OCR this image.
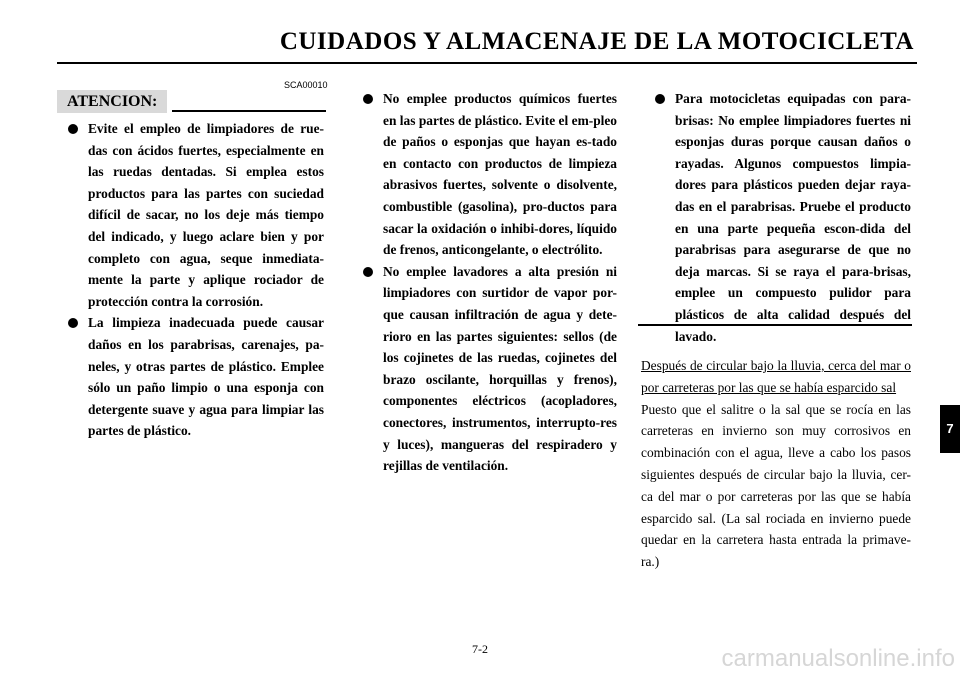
CUIDADOS Y ALMACENAJE DE LA MOTOCICLETA
SCA00010
ATENCION:
Evite el empleo de limpiadores de rue-das con ácidos fuertes, especialmente en las ruedas dentadas. Si emplea estos productos para las partes con suciedad difícil de sacar, no los deje más tiempo del indicado, y luego aclare bien y por completo con agua, seque inmediata-mente la parte y aplique rociador de protección contra la corrosión.
La limpieza inadecuada puede causar daños en los parabrisas, carenajes, pa-neles, y otras partes de plástico. Emplee sólo un paño limpio o una esponja con detergente suave y agua para limpiar las partes de plástico.
No emplee productos químicos fuertes en las partes de plástico. Evite el em-pleo de paños o esponjas que hayan es-tado en contacto con productos de limpieza abrasivos fuertes, solvente o disolvente, combustible (gasolina), pro-ductos para sacar la oxidación o inhibi-dores, líquido de frenos, anticongelante, o electrólito.
No emplee lavadores a alta presión ni limpiadores con surtidor de vapor por-que causan infiltración de agua y dete-rioro en las partes siguientes: sellos (de los cojinetes de las ruedas, cojinetes del brazo oscilante, horquillas y frenos), componentes eléctricos (acopladores, conectores, instrumentos, interrupto-res y luces), mangueras del respiradero y rejillas de ventilación.
Para motocicletas equipadas con para-brisas: No emplee limpiadores fuertes ni esponjas duras porque causan daños o rayadas. Algunos compuestos limpia-dores para plásticos pueden dejar raya-das en el parabrisas. Pruebe el producto en una parte pequeña escon-dida del parabrisas para asegurarse de que no deja marcas. Si se raya el para-brisas, emplee un compuesto pulidor para plásticos de alta calidad después del lavado.

Después de circular bajo la lluvia, cerca del mar o por carreteras por las que se había esparcido sal

Puesto que el salitre o la sal que se rocía en las carreteras en invierno son muy corrosivos en combinación con el agua, lleve a cabo los pasos siguientes después de circular bajo la lluvia, cer-ca del mar o por carreteras por las que se había esparcido sal. (La sal rociada en invierno puede quedar en la carretera hasta entrada la primave-ra.)

7
7-2	carmanualsonline.info
